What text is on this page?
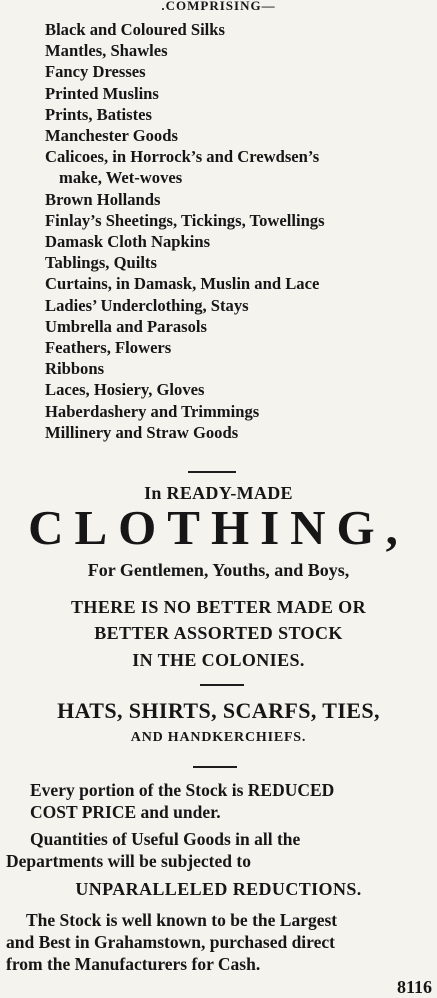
.COMPRISING—
Black and Coloured Silks
Mantles, Shawles
Fancy Dresses
Printed Muslins
Prints, Batistes
Manchester Goods
Calicoes, in Horrock’s and Crewdsen’s
make, Wet-woves
Brown Hollands
Finlay’s Sheetings, Tickings, Towellings
Damask Cloth Napkins
Tablings, Quilts
Curtains, in Damask, Muslin and Lace
Ladies’ Underclothing, Stays
Umbrella and Parasols
Feathers, Flowers
Ribbons
Laces, Hosiery, Gloves
Haberdashery and Trimmings
Millinery and Straw Goods
In READY-MADE
CLOTHING,
For Gentlemen, Youths, and Boys,
THERE IS NO BETTER MADE OR
BETTER ASSORTED STOCK
IN THE COLONIES.
HATS, SHIRTS, SCARFS, TIES,
AND HANDKERCHIEFS.
Every portion of the Stock is REDUCED
COST PRICE and under.
Quantities of Useful Goods in all the
Departments will be subjected to
UNPARALLELED REDUCTIONS.
The Stock is well known to be the Largest
and Best in Grahamstown, purchased direct
from the Manufacturers for Cash.
8116
